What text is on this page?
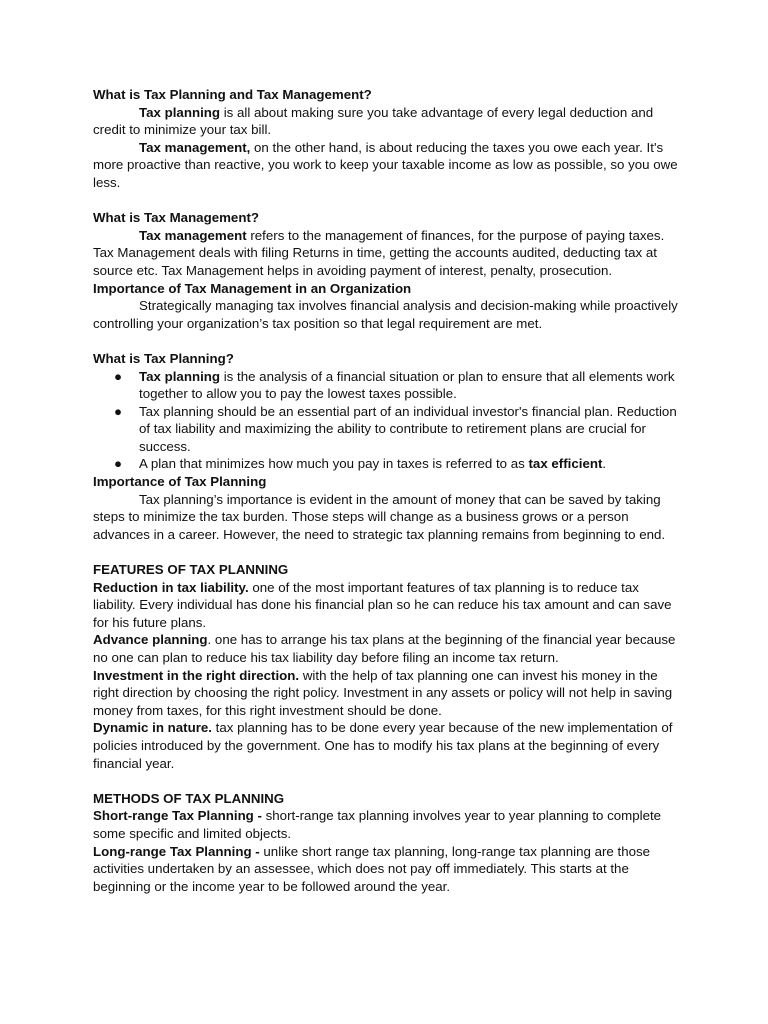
What is Tax Planning and Tax Management?

Tax planning is all about making sure you take advantage of every legal deduction and credit to minimize your tax bill.

Tax management, on the other hand, is about reducing the taxes you owe each year. It's more proactive than reactive, you work to keep your taxable income as low as possible, so you owe less.

What is Tax Management?

Tax management refers to the management of finances, for the purpose of paying taxes. Tax Management deals with filing Returns in time, getting the accounts audited, deducting tax at source etc. Tax Management helps in avoiding payment of interest, penalty, prosecution.

Importance of Tax Management in an Organization

Strategically managing tax involves financial analysis and decision-making while proactively controlling your organization’s tax position so that legal requirement are met.

What is Tax Planning?

● Tax planning is the analysis of a financial situation or plan to ensure that all elements work together to allow you to pay the lowest taxes possible.
● Tax planning should be an essential part of an individual investor's financial plan. Reduction of tax liability and maximizing the ability to contribute to retirement plans are crucial for success.
● A plan that minimizes how much you pay in taxes is referred to as tax efficient.

Importance of Tax Planning

Tax planning’s importance is evident in the amount of money that can be saved by taking steps to minimize the tax burden. Those steps will change as a business grows or a person advances in a career. However, the need to strategic tax planning remains from beginning to end.

FEATURES OF TAX PLANNING

Reduction in tax liability. one of the most important features of tax planning is to reduce tax liability. Every individual has done his financial plan so he can reduce his tax amount and can save for his future plans.

Advance planning. one has to arrange his tax plans at the beginning of the financial year because no one can plan to reduce his tax liability day before filing an income tax return.

Investment in the right direction. with the help of tax planning one can invest his money in the right direction by choosing the right policy. Investment in any assets or policy will not help in saving money from taxes, for this right investment should be done.

Dynamic in nature. tax planning has to be done every year because of the new implementation of policies introduced by the government. One has to modify his tax plans at the beginning of every financial year.

METHODS OF TAX PLANNING

Short-range Tax Planning - short-range tax planning involves year to year planning to complete some specific and limited objects.

Long-range Tax Planning - unlike short range tax planning, long-range tax planning are those activities undertaken by an assessee, which does not pay off immediately. This starts at the beginning or the income year to be followed around the year.
